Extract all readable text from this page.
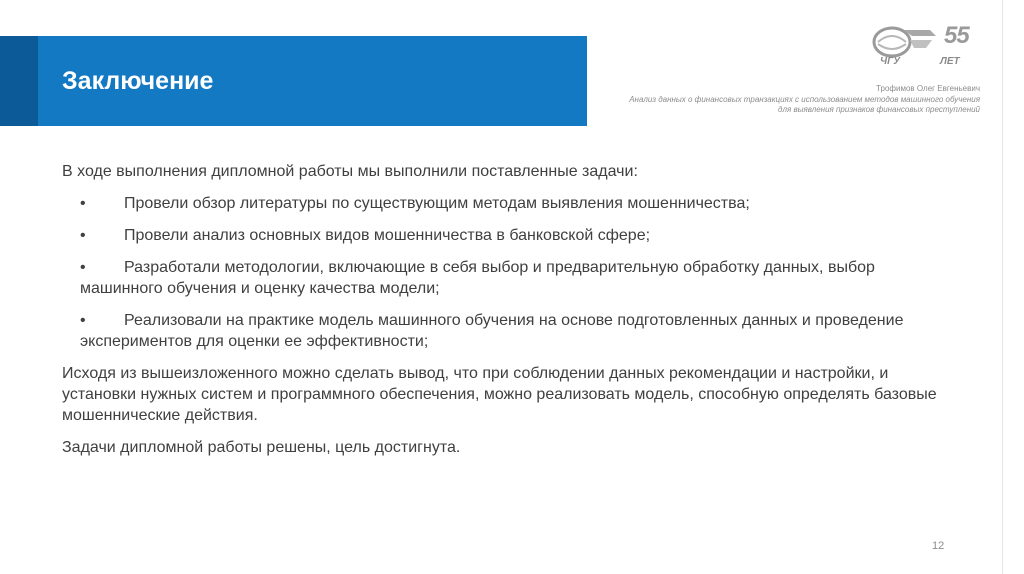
Заключение
55
ЧГУ	ЛЕТ
Трофимов Олег Евгеньевич
Анализ данных о финансовых транзакциях с использованием методов машинного обучения для выявления признаков финансовых преступлений

В ходе выполнения дипломной работы мы выполнили поставленные задачи:

• Провели обзор литературы по существующим методам выявления мошенничества;
• Провели анализ основных видов мошенничества в банковской сфере;
• Разработали методологии, включающие в себя выбор и предварительную обработку данных, выбор машинного обучения и оценку качества модели;
• Реализовали на практике модель машинного обучения на основе подготовленных данных и проведение экспериментов для оценки ее эффективности;

Исходя из вышеизложенного можно сделать вывод, что при соблюдении данных рекомендации и настройки, и установки нужных систем и программного обеспечения, можно реализовать модель, способную определять базовые мошеннические действия.

Задачи дипломной работы решены, цель достигнута.

12
